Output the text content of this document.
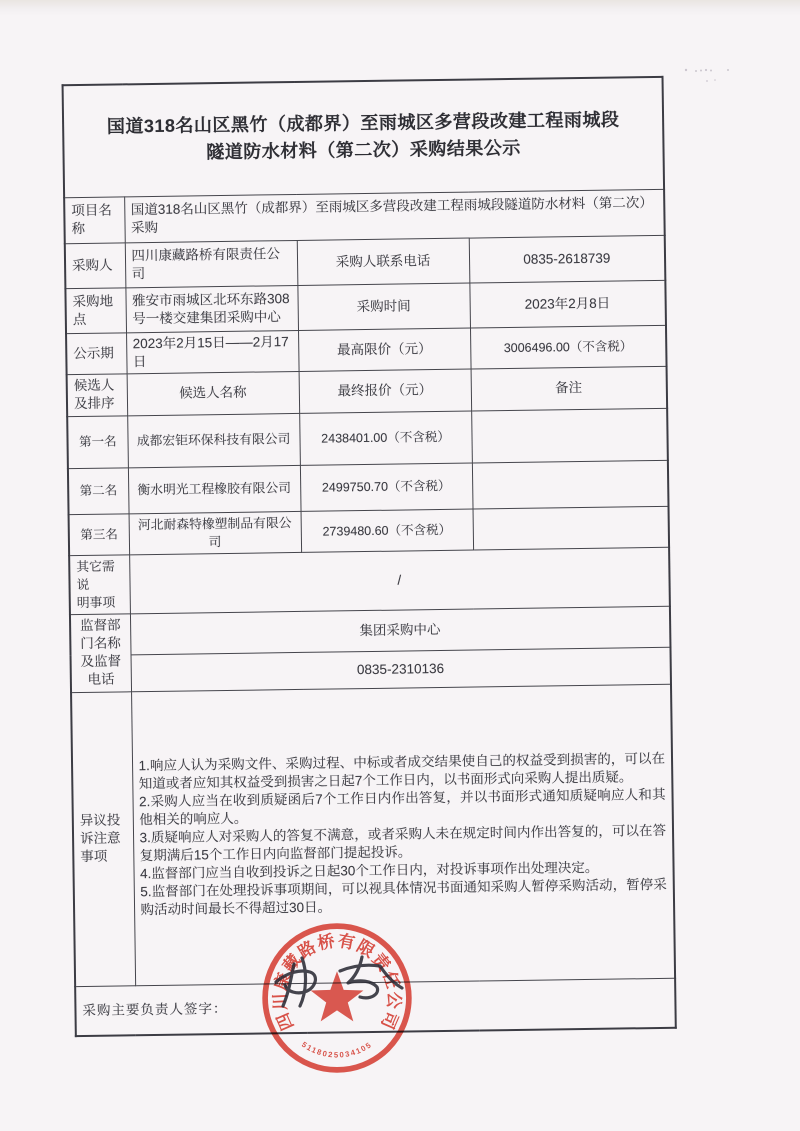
国道318名山区黑竹（成都界）至雨城区多营段改建工程雨城段
隧道防水材料（第二次）采购结果公示			

项目名
称	国道318名山区黑竹（成都界）至雨城区多营段改建工程雨城段隧道防水材料（第二次）采购		
采购人	四川康藏路桥有限责任公司	采购人联系电话	0835-2618739
采购地
点	雅安市雨城区北环东路308号一楼交建集团采购中心	采购时间	2023年2月8日
公示期	2023年2月15日——2月17日	最高限价（元）	3006496.00（不含税）
候选人
及排序	候选人名称	最终报价（元）	备注
第一名	成都宏钜环保科技有限公司	2438401.00（不含税）	
第二名	衡水明光工程橡胶有限公司	2499750.70（不含税）	
第三名	河北耐森特橡塑制品有限公司	2739480.60（不含税）	
其它需说
明事项	/		
监督部
门名称
及监督
电话	集团采购中心		
	0835-2310136		
异议投
诉注意
事项	1.响应人认为采购文件、采购过程、中标或者成交结果使自己的权益受到损害的，可以在知道或者应知其权益受到损害之日起7个工作日内，以书面形式向采购人提出质疑。
2.采购人应当在收到质疑函后7个工作日内作出答复，并以书面形式通知质疑响应人和其他相关的响应人。
3.质疑响应人对采购人的答复不满意，或者采购人未在规定时间内作出答复的，可以在答复期满后15个工作日内向监督部门提起投诉。
4.监督部门应当自收到投诉之日起30个工作日内，对投诉事项作出处理决定。
5.监督部门在处理投诉事项期间，可以视具体情况书面通知采购人暂停采购活动，暂停采购活动时间最长不得超过30日。
采购主要负责人签字：				四川康藏路桥有限责任公司
5118025034105
